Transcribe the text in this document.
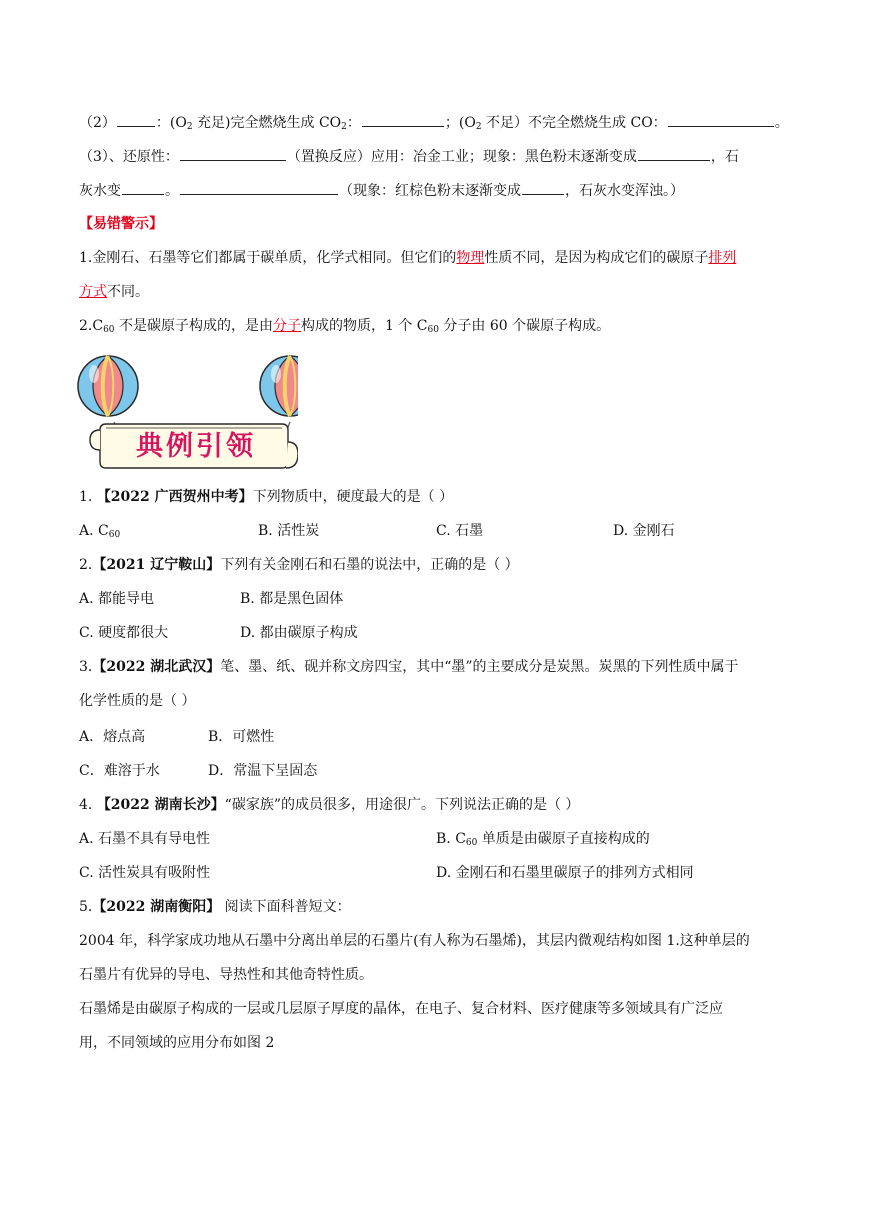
（2）	：($O_2$ 充足)完全燃烧生成 $CO_2$：	；($O_2$ 不足）不完全燃烧生成 CO：	。
（3）、还原性：	（置换反应）应用：冶金工业；现象：黑色粉末逐渐变成	，石
灰水变	。	（现象：红棕色粉末逐渐变成	，石灰水变浑浊。）
【易错警示】
1.金刚石、石墨等它们都属于碳单质，化学式相同。但它们的物理性质不同，是因为构成它们的碳原子排列
方式不同。
$2.C_{60}$ 不是碳原子构成的，是由分子构成的物质，1 个 $C_{60}$ 分子由 60 个碳原子构成。
典例引领
1. 【2022 广西贺州中考】下列物质中，硬度最大的是（ ）
A. $C_{60}$	B. 活性炭	C. 石墨	D. 金刚石
2.【2021 辽宁鞍山】下列有关金刚石和石墨的说法中，正确的是（ ）
A. 都能导电	B. 都是黑色固体
C. 硬度都很大	D. 都由碳原子构成
3.【2022 湖北武汉】笔、墨、纸、砚并称文房四宝，其中“墨”的主要成分是炭黑。炭黑的下列性质中属于
化学性质的是（ ）
A．熔点高	B．可燃性
C．难溶于水	D．常温下呈固态
4. 【2022 湖南长沙】“碳家族”的成员很多，用途很广。下列说法正确的是（ ）
A. 石墨不具有导电性	B. $C_{60}$ 单质是由碳原子直接构成的
C. 活性炭具有吸附性	D. 金刚石和石墨里碳原子的排列方式相同
5.【2022 湖南衡阳】 阅读下面科普短文：
2004 年，科学家成功地从石墨中分离出单层的石墨片(有人称为石墨烯)，其层内微观结构如图 1.这种单层的
石墨片有优异的导电、导热性和其他奇特性质。
石墨烯是由碳原子构成的一层或几层原子厚度的晶体，在电子、复合材料、医疗健康等多领域具有广泛应
用，不同领域的应用分布如图 2
